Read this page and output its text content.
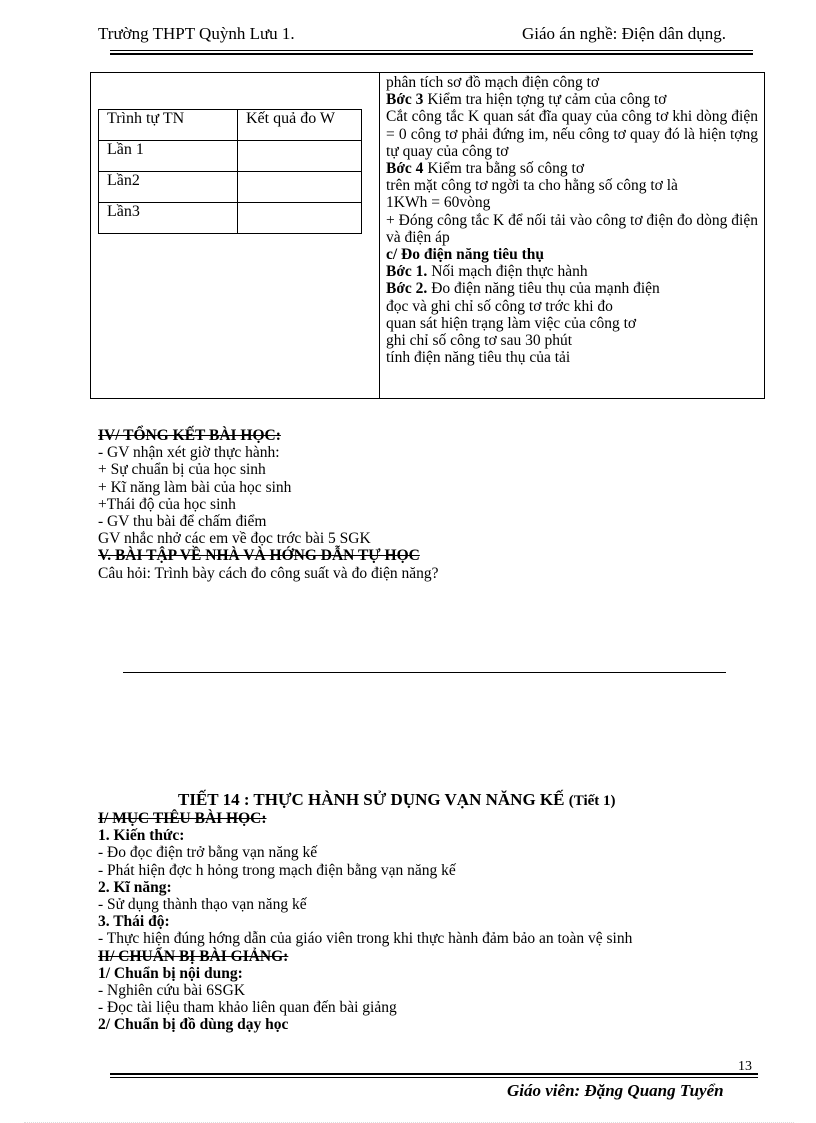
Trường THPT Quỳnh Lưu 1.	Giáo án nghề: Điện dân dụng.
Trình tự TN	Kết quả đo W
Lần 1	
Lần2	
Lần3	
phân tích sơ đồ mạch điện công tơ
Bớc 3 Kiểm tra hiện tợng tự cảm của công tơ
Cắt công tắc K quan sát đĩa quay của công tơ khi dòng điện = 0 công tơ phải đứng im, nếu công tơ quay đó là hiện tợng tự quay của công tơ
Bớc 4 Kiểm tra bằng số công tơ
trên mặt công tơ ngời ta cho hằng số công tơ là
1KWh = 60vòng
+ Đóng công tắc K để nối tải vào công tơ điện đo dòng điện và điện áp
c/ Đo điện năng tiêu thụ
Bớc 1. Nối mạch điện thực hành
Bớc 2. Đo điện năng tiêu thụ của mạnh điện
đọc và ghi chỉ số công tơ trớc khi đo
quan sát hiện trạng làm việc của công tơ
ghi chỉ số công tơ sau 30 phút
tính điện năng tiêu thụ của tải
IV/ TỔNG KẾT BÀI HỌC:
- GV nhận xét giờ thực hành:
+ Sự chuẩn bị của học sinh
+ Kĩ năng làm bài của học sinh
+Thái độ của học sinh
- GV thu bài để chấm điểm
GV nhắc nhở các em về đọc trớc bài 5 SGK
V. BÀI TẬP VỀ NHÀ VÀ HỚNG DẪN TỰ HỌC
Câu hỏi: Trình bày cách đo công suất và đo điện năng?
TIẾT 14 : THỰC HÀNH SỬ DỤNG VẠN NĂNG KẾ (Tiết 1)
I/ MỤC TIÊU BÀI HỌC:
1. Kiến thức:
- Đo đọc điện trở bằng vạn năng kế
- Phát hiện đợc h hỏng trong mạch điện bằng vạn năng kế
2. Kĩ năng:
- Sử dụng thành thạo vạn năng kế
3. Thái độ:
- Thực hiện đúng hớng dẫn của giáo viên trong khi thực hành đảm bảo an toàn vệ sinh
II/ CHUẨN BỊ BÀI GIẢNG:
1/ Chuẩn bị nội dung:
- Nghiên cứu bài 6SGK
- Đọc tài liệu tham khảo liên quan đến bài giảng
2/ Chuẩn bị đồ dùng dạy học
13
Giáo viên: Đặng Quang Tuyển
